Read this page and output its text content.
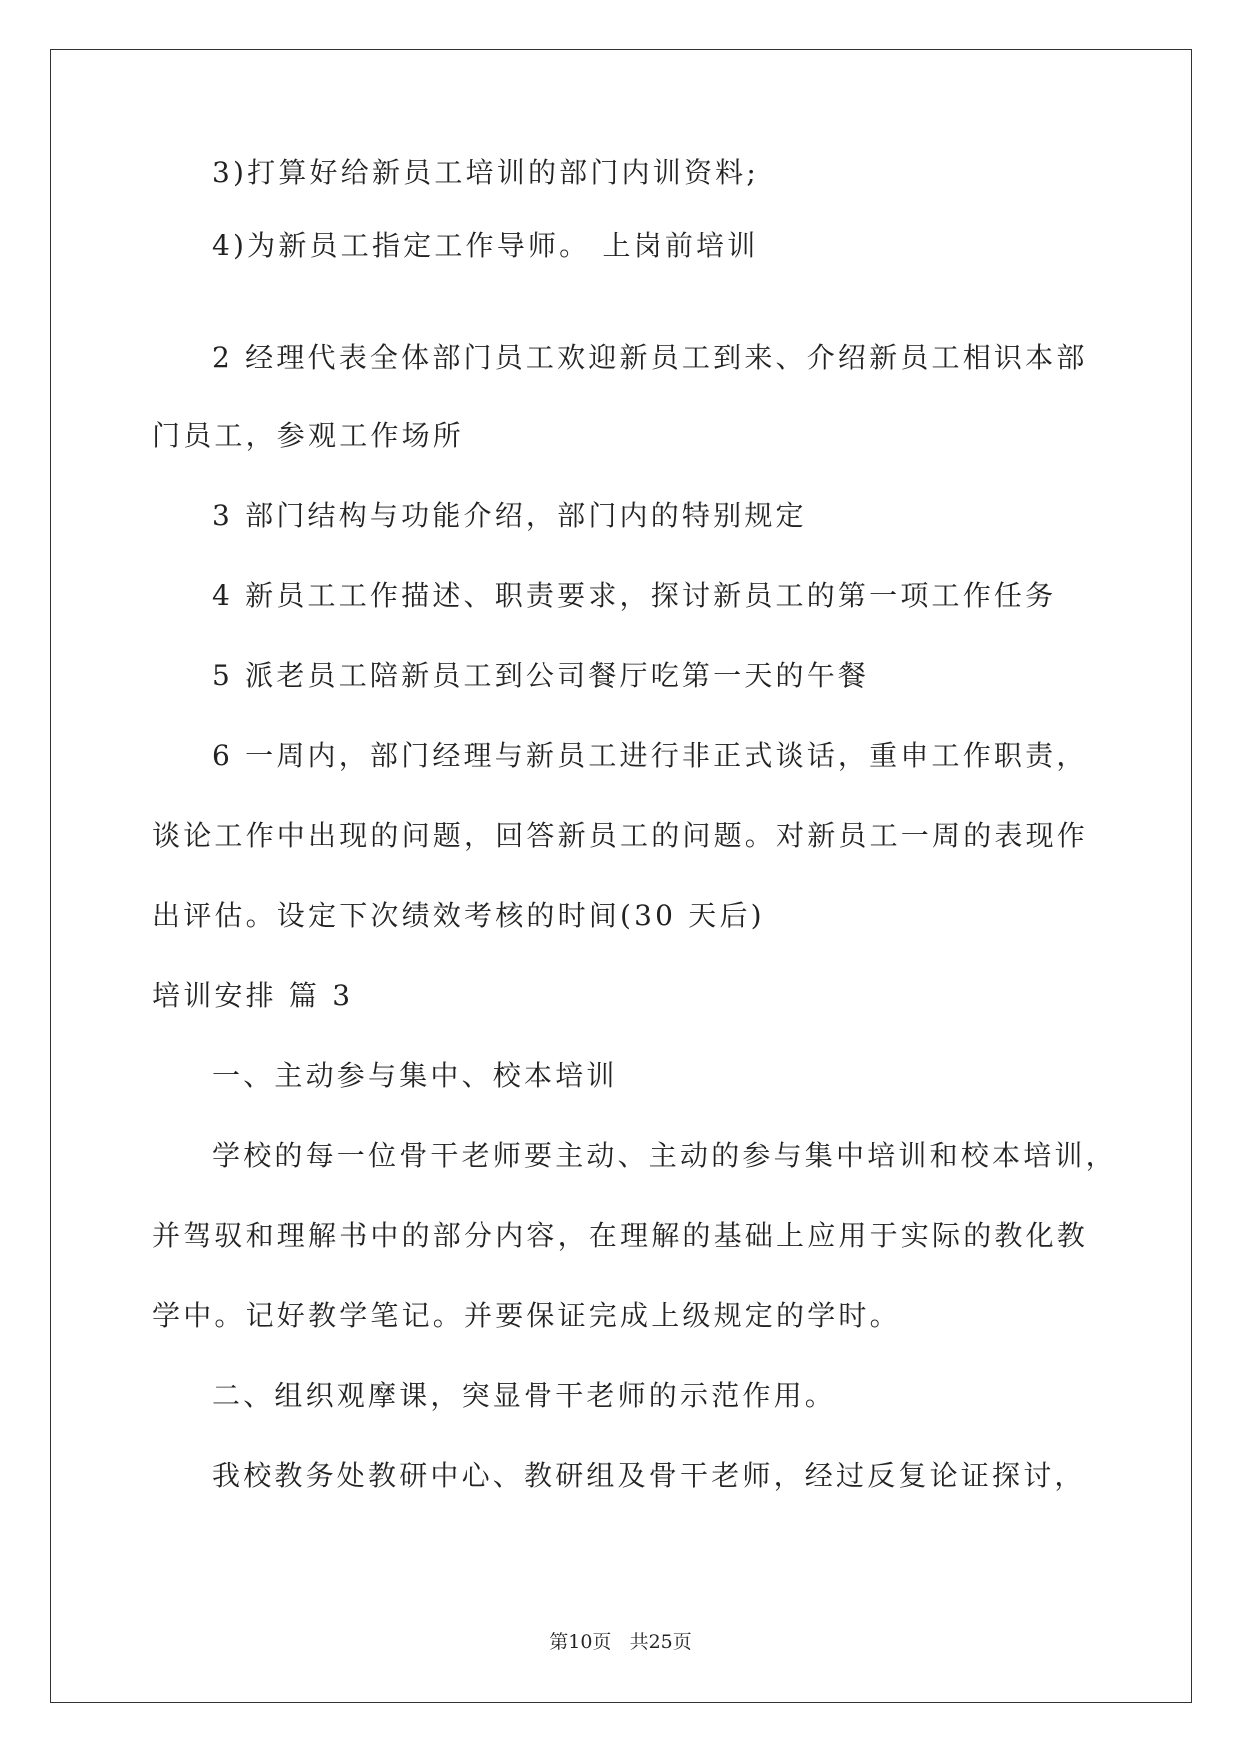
3)打算好给新员工培训的部门内训资料;
4)为新员工指定工作导师。 上岗前培训
2 经理代表全体部门员工欢迎新员工到来、介绍新员工相识本部
门员工，参观工作场所
3 部门结构与功能介绍，部门内的特别规定
4 新员工工作描述、职责要求，探讨新员工的第一项工作任务
5 派老员工陪新员工到公司餐厅吃第一天的午餐
6 一周内，部门经理与新员工进行非正式谈话，重申工作职责，
谈论工作中出现的问题，回答新员工的问题。对新员工一周的表现作
出评估。设定下次绩效考核的时间(30 天后)
培训安排 篇 3
一、主动参与集中、校本培训
学校的每一位骨干老师要主动、主动的参与集中培训和校本培训，
并驾驭和理解书中的部分内容，在理解的基础上应用于实际的教化教
学中。记好教学笔记。并要保证完成上级规定的学时。
二、组织观摩课，突显骨干老师的示范作用。
我校教务处教研中心、教研组及骨干老师，经过反复论证探讨，
第10页 共25页
